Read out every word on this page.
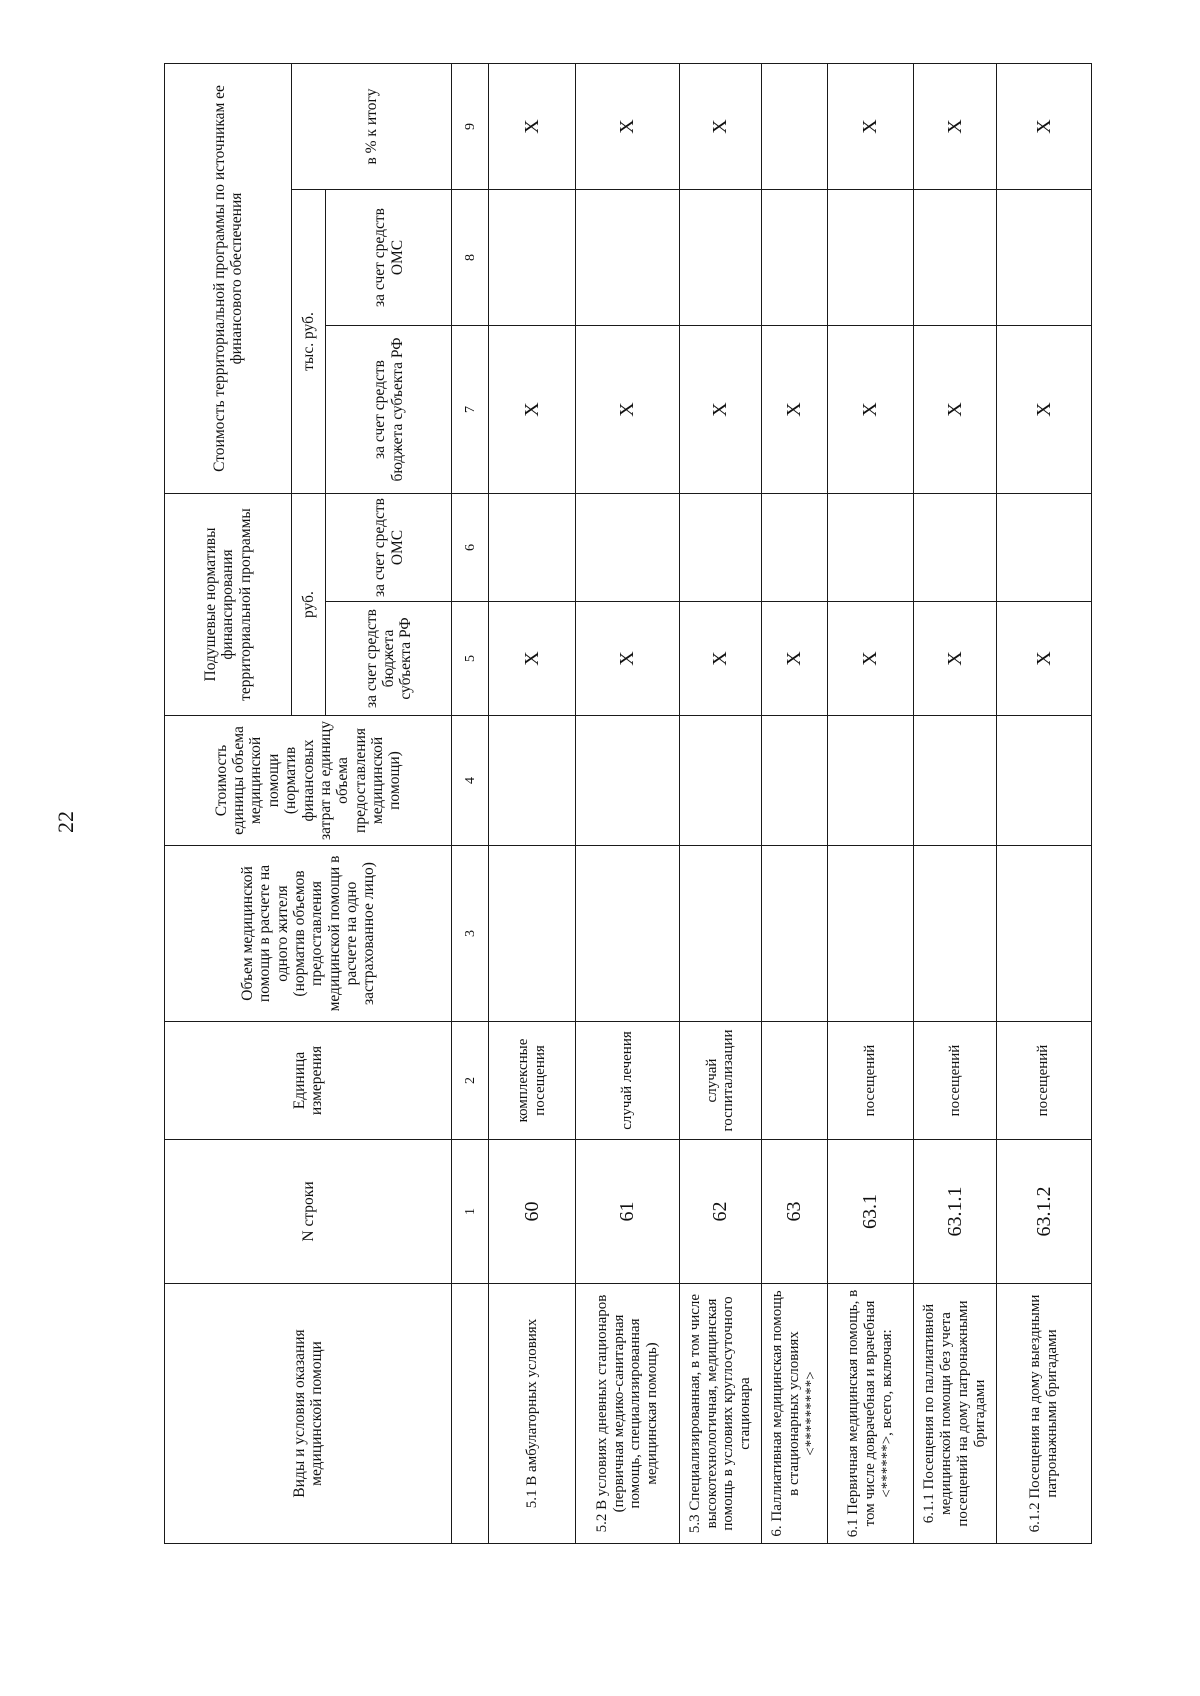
22
Виды и условия оказания медицинской помощи	N строки	Единица измерения	Объем медицинской помощи в расчете на одного жителя (норматив объемов предоставления медицинской помощи в расчете на одно застрахованное лицо)	Стоимость единицы объема медицинской помощи (норматив финансовых затрат на единицу объема предоставления медицинской помощи)	Подушевые нормативы финансирования территориальной программы		Стоимость территориальной программы по источникам ее финансового обеспечения		
					руб.		тыс. руб.		в % к итогу
					за счет средств бюджета субъекта РФ	за счет средств ОМС	за счет средств бюджета субъекта РФ	за счет средств ОМС	
	1	2	3	4	5	6	7	8	9
5.1 В амбулаторных условиях	60	комплексные посещения			X		X		X
5.2 В условиях дневных стационаров (первичная медико-санитарная помощь, специализированная медицинская помощь)	61	случай лечения			X		X		X
5.3 Специализированная, в том числе высокотехнологичная, медицинская помощь в условиях круглосуточного стационара	62	случай госпитализации			X		X		X
6. Паллиативная медицинская помощь в стационарных условиях <*********>	63				X		X		
6.1 Первичная медицинская помощь, в том числе доврачебная и врачебная <******>, всего, включая:	63.1	посещений			X		X		X
6.1.1 Посещения по паллиативной медицинской помощи без учета посещений на дому патронажными бригадами	63.1.1	посещений			X		X		X
6.1.2 Посещения на дому выездными патронажными бригадами	63.1.2	посещений			X		X		X
